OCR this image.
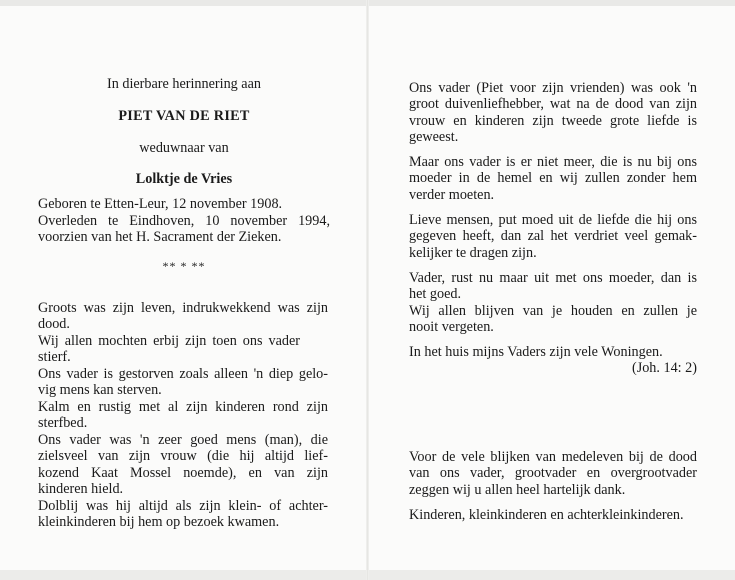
In dierbare herinnering aan
PIET VAN DE RIET
weduwnaar van
Lolktje de Vries
Geboren te Etten-Leur, 12 november 1908.
Overleden te Eindhoven, 10 november 1994,
voorzien van het H. Sacrament der Zieken.
** * **
Groots was zijn leven, indrukwekkend was zijn
dood.
Wij allen mochten erbij zijn toen ons vader
stierf.
Ons vader is gestorven zoals alleen 'n diep gelo-
vig mens kan sterven.
Kalm en rustig met al zijn kinderen rond zijn
sterfbed.
Ons vader was 'n zeer goed mens (man), die
zielsveel van zijn vrouw (die hij altijd lief-
kozend Kaat Mossel noemde), en van zijn
kinderen hield.
Dolblij was hij altijd als zijn klein- of achter-
kleinkinderen bij hem op bezoek kwamen.
Ons vader (Piet voor zijn vrienden) was ook 'n
groot duivenliefhebber, wat na de dood van zijn
vrouw en kinderen zijn tweede grote liefde is
geweest.
Maar ons vader is er niet meer, die is nu bij ons
moeder in de hemel en wij zullen zonder hem
verder moeten.
Lieve mensen, put moed uit de liefde die hij ons
gegeven heeft, dan zal het verdriet veel gemak-
kelijker te dragen zijn.
Vader, rust nu maar uit met ons moeder, dan is
het goed.
Wij allen blijven van je houden en zullen je
nooit vergeten.
In het huis mijns Vaders zijn vele Woningen.
(Joh. 14: 2)
Voor de vele blijken van medeleven bij de dood
van ons vader, grootvader en overgrootvader
zeggen wij u allen heel hartelijk dank.
Kinderen, kleinkinderen en achterkleinkinderen.
